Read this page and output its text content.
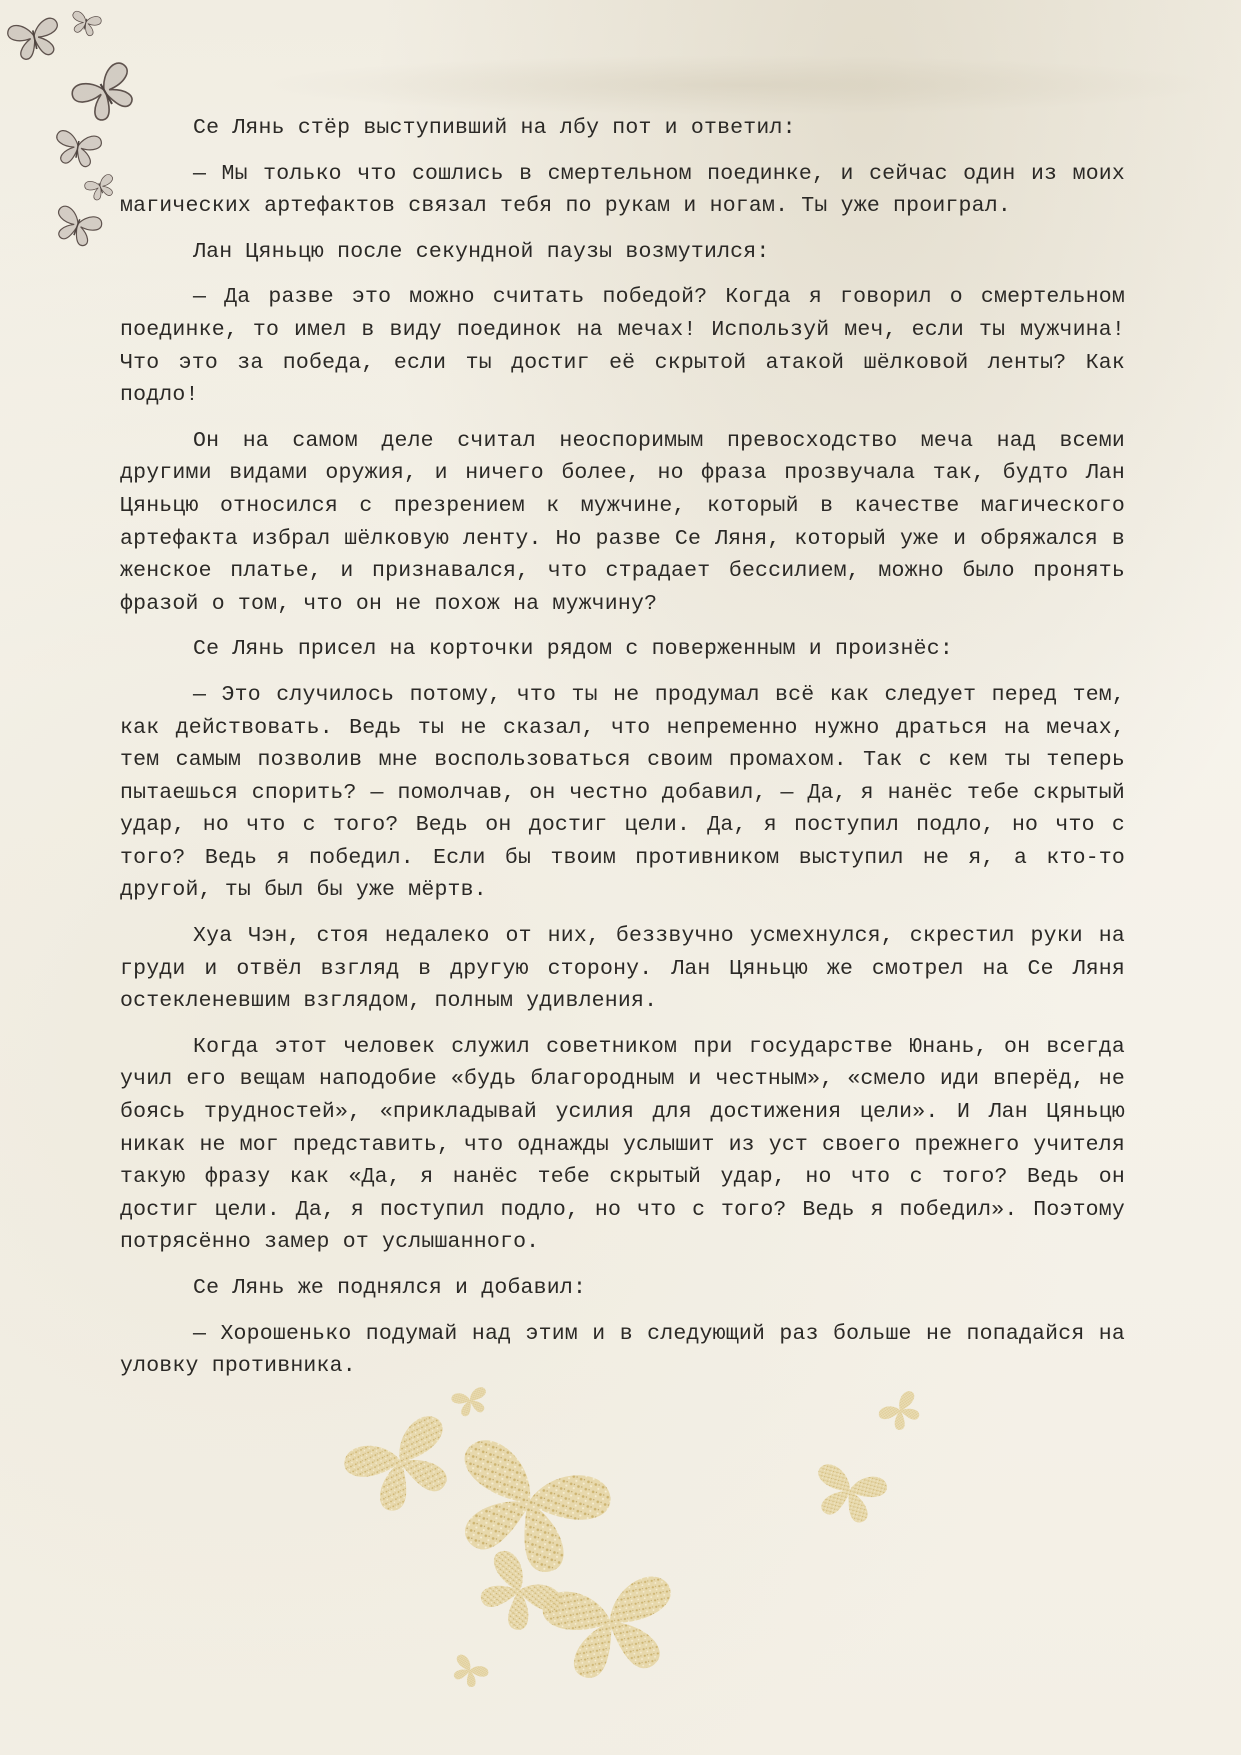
Се Лянь стёр выступивший на лбу пот и ответил:

— Мы только что сошлись в смертельном поединке, и сейчас один из моих магических артефактов связал тебя по рукам и ногам. Ты уже проиграл.

Лан Цяньцю после секундной паузы возмутился:

— Да разве это можно считать победой? Когда я говорил о смертельном поединке, то имел в виду поединок на мечах! Используй меч, если ты мужчина! Что это за победа, если ты достиг её скрытой атакой шёлковой ленты? Как подло!

Он на самом деле считал неоспоримым превосходство меча над всеми другими видами оружия, и ничего более, но фраза прозвучала так, будто Лан Цяньцю относился с презрением к мужчине, который в качестве магического артефакта избрал шёлковую ленту. Но разве Се Ляня, который уже и обряжался в женское платье, и признавался, что страдает бессилием, можно было пронять фразой о том, что он не похож на мужчину?

Се Лянь присел на корточки рядом с поверженным и произнёс:

— Это случилось потому, что ты не продумал всё как следует перед тем, как действовать. Ведь ты не сказал, что непременно нужно драться на мечах, тем самым позволив мне воспользоваться своим промахом. Так с кем ты теперь пытаешься спорить? — помолчав, он честно добавил, — Да, я нанёс тебе скрытый удар, но что с того? Ведь он достиг цели. Да, я поступил подло, но что с того? Ведь я победил. Если бы твоим противником выступил не я, а кто-то другой, ты был бы уже мёртв.

Хуа Чэн, стоя недалеко от них, беззвучно усмехнулся, скрестил руки на груди и отвёл взгляд в другую сторону. Лан Цяньцю же смотрел на Се Ляня остекленевшим взглядом, полным удивления.

Когда этот человек служил советником при государстве Юнань, он всегда учил его вещам наподобие «будь благородным и честным», «смело иди вперёд, не боясь трудностей», «прикладывай усилия для достижения цели». И Лан Цяньцю никак не мог представить, что однажды услышит из уст своего прежнего учителя такую фразу как «Да, я нанёс тебе скрытый удар, но что с того? Ведь он достиг цели. Да, я поступил подло, но что с того? Ведь я победил». Поэтому потрясённо замер от услышанного.

Се Лянь же поднялся и добавил:

— Хорошенько подумай над этим и в следующий раз больше не попадайся на уловку противника.
